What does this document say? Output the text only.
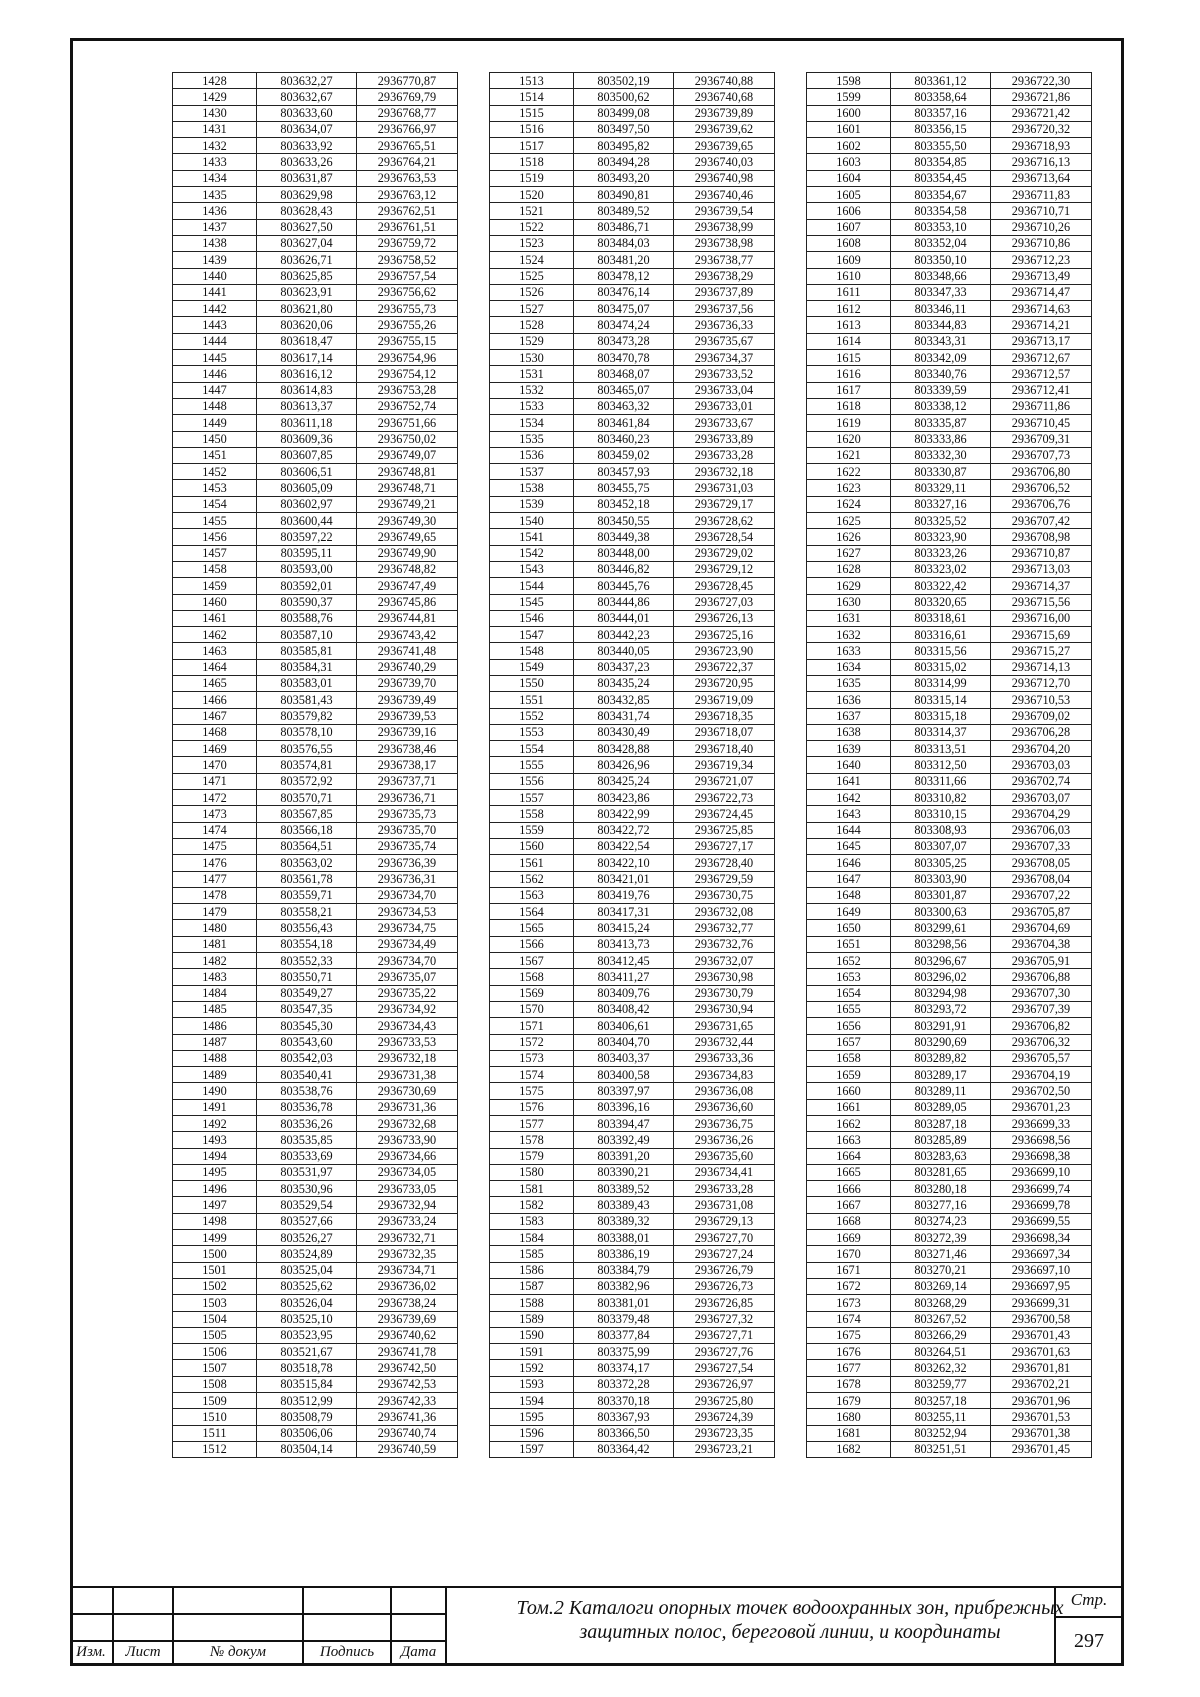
1428	803632,27	2936770,87
1429	803632,67	2936769,79
1430	803633,60	2936768,77
1431	803634,07	2936766,97
1432	803633,92	2936765,51
1433	803633,26	2936764,21
1434	803631,87	2936763,53
1435	803629,98	2936763,12
1436	803628,43	2936762,51
1437	803627,50	2936761,51
1438	803627,04	2936759,72
1439	803626,71	2936758,52
1440	803625,85	2936757,54
1441	803623,91	2936756,62
1442	803621,80	2936755,73
1443	803620,06	2936755,26
1444	803618,47	2936755,15
1445	803617,14	2936754,96
1446	803616,12	2936754,12
1447	803614,83	2936753,28
1448	803613,37	2936752,74
1449	803611,18	2936751,66
1450	803609,36	2936750,02
1451	803607,85	2936749,07
1452	803606,51	2936748,81
1453	803605,09	2936748,71
1454	803602,97	2936749,21
1455	803600,44	2936749,30
1456	803597,22	2936749,65
1457	803595,11	2936749,90
1458	803593,00	2936748,82
1459	803592,01	2936747,49
1460	803590,37	2936745,86
1461	803588,76	2936744,81
1462	803587,10	2936743,42
1463	803585,81	2936741,48
1464	803584,31	2936740,29
1465	803583,01	2936739,70
1466	803581,43	2936739,49
1467	803579,82	2936739,53
1468	803578,10	2936739,16
1469	803576,55	2936738,46
1470	803574,81	2936738,17
1471	803572,92	2936737,71
1472	803570,71	2936736,71
1473	803567,85	2936735,73
1474	803566,18	2936735,70
1475	803564,51	2936735,74
1476	803563,02	2936736,39
1477	803561,78	2936736,31
1478	803559,71	2936734,70
1479	803558,21	2936734,53
1480	803556,43	2936734,75
1481	803554,18	2936734,49
1482	803552,33	2936734,70
1483	803550,71	2936735,07
1484	803549,27	2936735,22
1485	803547,35	2936734,92
1486	803545,30	2936734,43
1487	803543,60	2936733,53
1488	803542,03	2936732,18
1489	803540,41	2936731,38
1490	803538,76	2936730,69
1491	803536,78	2936731,36
1492	803536,26	2936732,68
1493	803535,85	2936733,90
1494	803533,69	2936734,66
1495	803531,97	2936734,05
1496	803530,96	2936733,05
1497	803529,54	2936732,94
1498	803527,66	2936733,24
1499	803526,27	2936732,71
1500	803524,89	2936732,35
1501	803525,04	2936734,71
1502	803525,62	2936736,02
1503	803526,04	2936738,24
1504	803525,10	2936739,69
1505	803523,95	2936740,62
1506	803521,67	2936741,78
1507	803518,78	2936742,50
1508	803515,84	2936742,53
1509	803512,99	2936742,33
1510	803508,79	2936741,36
1511	803506,06	2936740,74
1512	803504,14	2936740,59
1513	803502,19	2936740,88
1514	803500,62	2936740,68
1515	803499,08	2936739,89
1516	803497,50	2936739,62
1517	803495,82	2936739,65
1518	803494,28	2936740,03
1519	803493,20	2936740,98
1520	803490,81	2936740,46
1521	803489,52	2936739,54
1522	803486,71	2936738,99
1523	803484,03	2936738,98
1524	803481,20	2936738,77
1525	803478,12	2936738,29
1526	803476,14	2936737,89
1527	803475,07	2936737,56
1528	803474,24	2936736,33
1529	803473,28	2936735,67
1530	803470,78	2936734,37
1531	803468,07	2936733,52
1532	803465,07	2936733,04
1533	803463,32	2936733,01
1534	803461,84	2936733,67
1535	803460,23	2936733,89
1536	803459,02	2936733,28
1537	803457,93	2936732,18
1538	803455,75	2936731,03
1539	803452,18	2936729,17
1540	803450,55	2936728,62
1541	803449,38	2936728,54
1542	803448,00	2936729,02
1543	803446,82	2936729,12
1544	803445,76	2936728,45
1545	803444,86	2936727,03
1546	803444,01	2936726,13
1547	803442,23	2936725,16
1548	803440,05	2936723,90
1549	803437,23	2936722,37
1550	803435,24	2936720,95
1551	803432,85	2936719,09
1552	803431,74	2936718,35
1553	803430,49	2936718,07
1554	803428,88	2936718,40
1555	803426,96	2936719,34
1556	803425,24	2936721,07
1557	803423,86	2936722,73
1558	803422,99	2936724,45
1559	803422,72	2936725,85
1560	803422,54	2936727,17
1561	803422,10	2936728,40
1562	803421,01	2936729,59
1563	803419,76	2936730,75
1564	803417,31	2936732,08
1565	803415,24	2936732,77
1566	803413,73	2936732,76
1567	803412,45	2936732,07
1568	803411,27	2936730,98
1569	803409,76	2936730,79
1570	803408,42	2936730,94
1571	803406,61	2936731,65
1572	803404,70	2936732,44
1573	803403,37	2936733,36
1574	803400,58	2936734,83
1575	803397,97	2936736,08
1576	803396,16	2936736,60
1577	803394,47	2936736,75
1578	803392,49	2936736,26
1579	803391,20	2936735,60
1580	803390,21	2936734,41
1581	803389,52	2936733,28
1582	803389,43	2936731,08
1583	803389,32	2936729,13
1584	803388,01	2936727,70
1585	803386,19	2936727,24
1586	803384,79	2936726,79
1587	803382,96	2936726,73
1588	803381,01	2936726,85
1589	803379,48	2936727,32
1590	803377,84	2936727,71
1591	803375,99	2936727,76
1592	803374,17	2936727,54
1593	803372,28	2936726,97
1594	803370,18	2936725,80
1595	803367,93	2936724,39
1596	803366,50	2936723,35
1597	803364,42	2936723,21
1598	803361,12	2936722,30
1599	803358,64	2936721,86
1600	803357,16	2936721,42
1601	803356,15	2936720,32
1602	803355,50	2936718,93
1603	803354,85	2936716,13
1604	803354,45	2936713,64
1605	803354,67	2936711,83
1606	803354,58	2936710,71
1607	803353,10	2936710,26
1608	803352,04	2936710,86
1609	803350,10	2936712,23
1610	803348,66	2936713,49
1611	803347,33	2936714,47
1612	803346,11	2936714,63
1613	803344,83	2936714,21
1614	803343,31	2936713,17
1615	803342,09	2936712,67
1616	803340,76	2936712,57
1617	803339,59	2936712,41
1618	803338,12	2936711,86
1619	803335,87	2936710,45
1620	803333,86	2936709,31
1621	803332,30	2936707,73
1622	803330,87	2936706,80
1623	803329,11	2936706,52
1624	803327,16	2936706,76
1625	803325,52	2936707,42
1626	803323,90	2936708,98
1627	803323,26	2936710,87
1628	803323,02	2936713,03
1629	803322,42	2936714,37
1630	803320,65	2936715,56
1631	803318,61	2936716,00
1632	803316,61	2936715,69
1633	803315,56	2936715,27
1634	803315,02	2936714,13
1635	803314,99	2936712,70
1636	803315,14	2936710,53
1637	803315,18	2936709,02
1638	803314,37	2936706,28
1639	803313,51	2936704,20
1640	803312,50	2936703,03
1641	803311,66	2936702,74
1642	803310,82	2936703,07
1643	803310,15	2936704,29
1644	803308,93	2936706,03
1645	803307,07	2936707,33
1646	803305,25	2936708,05
1647	803303,90	2936708,04
1648	803301,87	2936707,22
1649	803300,63	2936705,87
1650	803299,61	2936704,69
1651	803298,56	2936704,38
1652	803296,67	2936705,91
1653	803296,02	2936706,88
1654	803294,98	2936707,30
1655	803293,72	2936707,39
1656	803291,91	2936706,82
1657	803290,69	2936706,32
1658	803289,82	2936705,57
1659	803289,17	2936704,19
1660	803289,11	2936702,50
1661	803289,05	2936701,23
1662	803287,18	2936699,33
1663	803285,89	2936698,56
1664	803283,63	2936698,38
1665	803281,65	2936699,10
1666	803280,18	2936699,74
1667	803277,16	2936699,78
1668	803274,23	2936699,55
1669	803272,39	2936698,34
1670	803271,46	2936697,34
1671	803270,21	2936697,10
1672	803269,14	2936697,95
1673	803268,29	2936699,31
1674	803267,52	2936700,58
1675	803266,29	2936701,43
1676	803264,51	2936701,63
1677	803262,32	2936701,81
1678	803259,77	2936702,21
1679	803257,18	2936701,96
1680	803255,11	2936701,53
1681	803252,94	2936701,38
1682	803251,51	2936701,45
Изм.	Лист	№ докум	Подпись	Дата
Том.2 Каталоги опорных точек водоохранных зон, прибрежных защитных полос, береговой линии, и координаты
Стр.
297
